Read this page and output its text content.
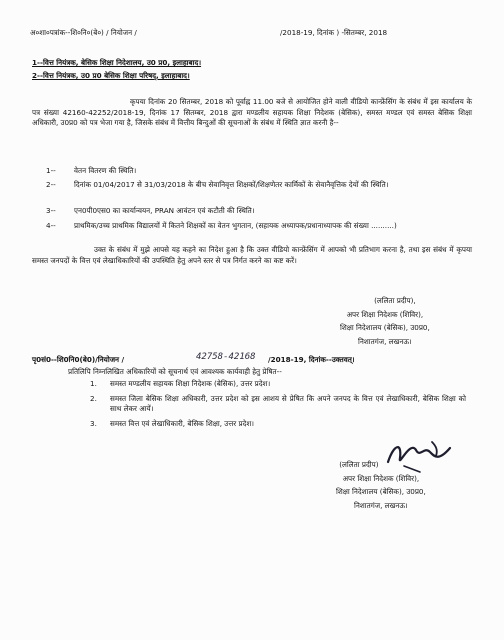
अ०शा०पत्रांक--शि०नि०(बे०) / नियोजन /	/2018-19, दिनांक ) -सितम्बर, 2018
1--वित्त नियंत्रक, बेसिक शिक्षा निदेशालय, उ0 प्र0, इलाहाबाद।
2--वित्त नियंत्रक, उ0 प्र0 बेसिक शिक्षा परिषद्, इलाहाबाद।
कृपया दिनांक 20 सितम्बर, 2018 को पूर्वाह्न 11.00 बजे से आयोजित होने वाली वीडियो कान्फ्रेंसिंग के संबंध में इस कार्यालय के पत्र संख्या 42160-42252/2018-19, दिनांक 17 सितम्बर, 2018 द्वारा मण्डलीय सहायक शिक्षा निदेशक (बेसिक), समस्त मण्डल एवं समस्त बेसिक शिक्षा अधिकारी, उ0प्र0 को पत्र भेजा गया है, जिसके संबंध में वित्तीय बिन्दुओं की सूचनाओं के संबंध में स्थिति ज्ञात करनी है--
1--	वेतन वितरण की स्थिति।
2--	दिनांक 01/04/2017 से 31/03/2018 के बीच सेवानिवृत्त शिक्षकों/शिक्षणेतर कार्मिकों के सेवानैवृत्तिक देयों की स्थिति।
3--	एन0पी0एस0 का कार्यान्वयन, PRAN आवंटन एवं कटौती की स्थिति।
4--	प्राथमिक/उच्च प्राथमिक विद्यालयों में कितने शिक्षकों का वेतन भुगतान, (सहायक अध्यापक/प्रधानाध्यापक की संख्या ..........)
उक्त के संबंध में मुझे आपसे यह कहने का निदेश हुआ है कि उक्त वीडियो कान्फ्रेंसिंग में आपको भी प्रतिभाग करना है, तथा इस संबंध में कृपया समस्त जनपदों के वित्त एवं लेखाधिकारियों की उपस्थिति हेतु अपने स्तर से पत्र निर्गत करने का कष्ट करें।
(ललिता प्रदीप),
अपर शिक्षा निदेशक (शिविर),
शिक्षा निदेशालय (बेसिक), उ0प्र0,
निशातगंज, लखनऊ।
पृ0सं0--शि0नि0(बे0)/नियोजन /	42758-42168 /2018-19, दिनांक--उक्तवत्।
प्रतिलिपि निम्नलिखित अधिकारियों को सूचनार्थ एवं आवश्यक कार्यवाही हेतु प्रेषित--
1. समस्त मण्डलीय सहायक शिक्षा निदेशक (बेसिक), उत्तर प्रदेश।
2. समस्त जिला बेसिक शिक्षा अधिकारी, उत्तर प्रदेश को इस आशय से प्रेषित कि अपने जनपद के वित्त एवं लेखाधिकारी, बेसिक शिक्षा को साथ लेकर आयें।
3. समस्त वित्त एवं लेखाधिकारी, बेसिक शिक्षा, उत्तर प्रदेश।
(ललिता प्रदीप)
अपर शिक्षा निदेशक (शिविर),
शिक्षा निदेशालय (बेसिक), उ0प्र0,
निशातगंज, लखनऊ।
